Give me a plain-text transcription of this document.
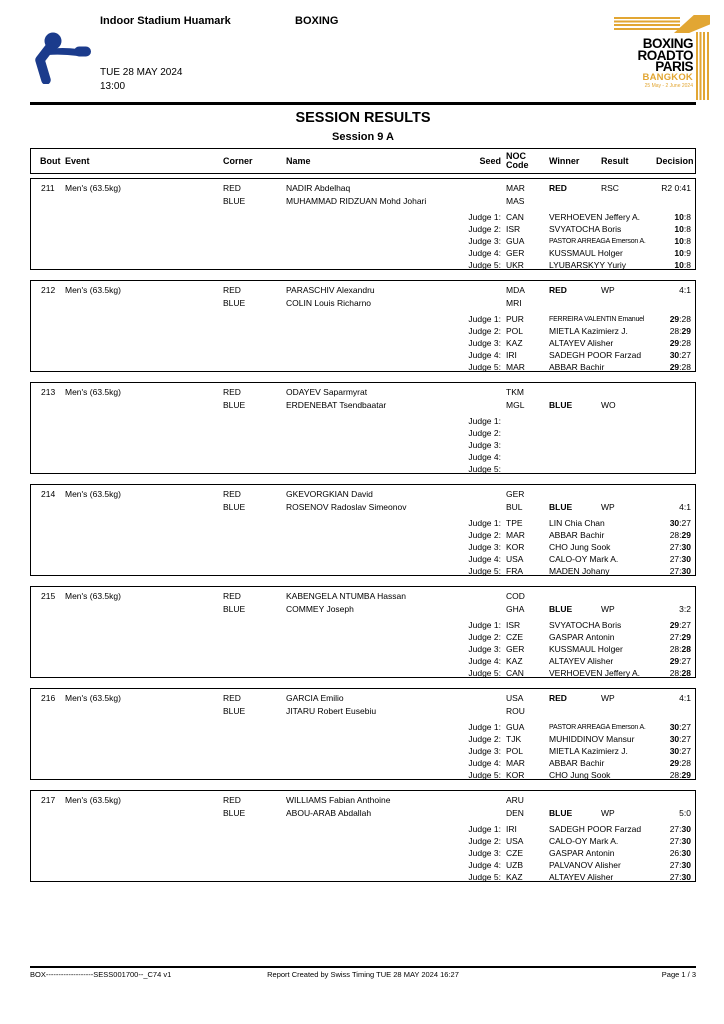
Indoor Stadium Huamark	BOXING
TUE 28 MAY 2024
13:00
BOXING
ROAD TO
PARIS
BANGKOK
25 May - 2 June 2024
SESSION RESULTS
Session 9 A
Bout Event	Corner	Name	Seed NOC
Code	Winner	Result	Decision
211	Men's (63.5kg)	RED	NADIR Abdelhaq	MAR	RED	RSC	R2 0:41
BLUE	MUHAMMAD RIDZUAN Mohd Johari	MAS
Judge 1: CAN	VERHOEVEN Jeffery A.	10:8
Judge 2: ISR	SVYATOCHA Boris	10:8
Judge 3: GUA	PASTOR ARREAGA Emerson A.	10:8
Judge 4: GER	KUSSMAUL Holger	10:9
Judge 5: UKR	LYUBARSKYY Yuriy	10:8
212	Men's (63.5kg)	RED	PARASCHIV Alexandru	MDA	RED	WP	4:1
BLUE	COLIN Louis Richarno	MRI
Judge 1: PUR	FERREIRA VALENTIN Emanuel	29:28
Judge 2: POL	MIETLA Kazimierz J.	28:29
Judge 3: KAZ	ALTAYEV Alisher	29:28
Judge 4: IRI	SADEGH POOR Farzad	30:27
Judge 5: MAR	ABBAR Bachir	29:28
213	Men's (63.5kg)	RED	ODAYEV Saparmyrat	TKM
BLUE	ERDENEBAT Tsendbaatar	MGL	BLUE	WO
Judge 1:
Judge 2:
Judge 3:
Judge 4:
Judge 5:
214	Men's (63.5kg)	RED	GKEVORGKIAN David	GER
BLUE	ROSENOV Radoslav Simeonov	BUL	BLUE	WP	4:1
Judge 1: TPE	LIN Chia Chan	30:27
Judge 2: MAR	ABBAR Bachir	28:29
Judge 3: KOR	CHO Jung Sook	27:30
Judge 4: USA	CALO-OY Mark A.	27:30
Judge 5: FRA	MADEN Johany	27:30
215	Men's (63.5kg)	RED	KABENGELA NTUMBA Hassan	COD
BLUE	COMMEY Joseph	GHA	BLUE	WP	3:2
Judge 1: ISR	SVYATOCHA Boris	29:27
Judge 2: CZE	GASPAR Antonin	27:29
Judge 3: GER	KUSSMAUL Holger	28:28
Judge 4: KAZ	ALTAYEV Alisher	29:27
Judge 5: CAN	VERHOEVEN Jeffery A.	28:28
216	Men's (63.5kg)	RED	GARCIA Emilio	USA	RED	WP	4:1
BLUE	JITARU Robert Eusebiu	ROU
Judge 1: GUA	PASTOR ARREAGA Emerson A.	30:27
Judge 2: TJK	MUHIDDINOV Mansur	30:27
Judge 3: POL	MIETLA Kazimierz J.	30:27
Judge 4: MAR	ABBAR Bachir	29:28
Judge 5: KOR	CHO Jung Sook	28:29
217	Men's (63.5kg)	RED	WILLIAMS Fabian Anthoine	ARU
BLUE	ABOU-ARAB Abdallah	DEN	BLUE	WP	5:0
Judge 1: IRI	SADEGH POOR Farzad	27:30
Judge 2: USA	CALO-OY Mark A.	27:30
Judge 3: CZE	GASPAR Antonin	26:30
Judge 4: UZB	PALVANOV Alisher	27:30
Judge 5: KAZ	ALTAYEV Alisher	27:30
BOX-------------------SESS001700--_C74 v1	Report Created by Swiss Timing TUE 28 MAY 2024 16:27	Page 1 / 3
